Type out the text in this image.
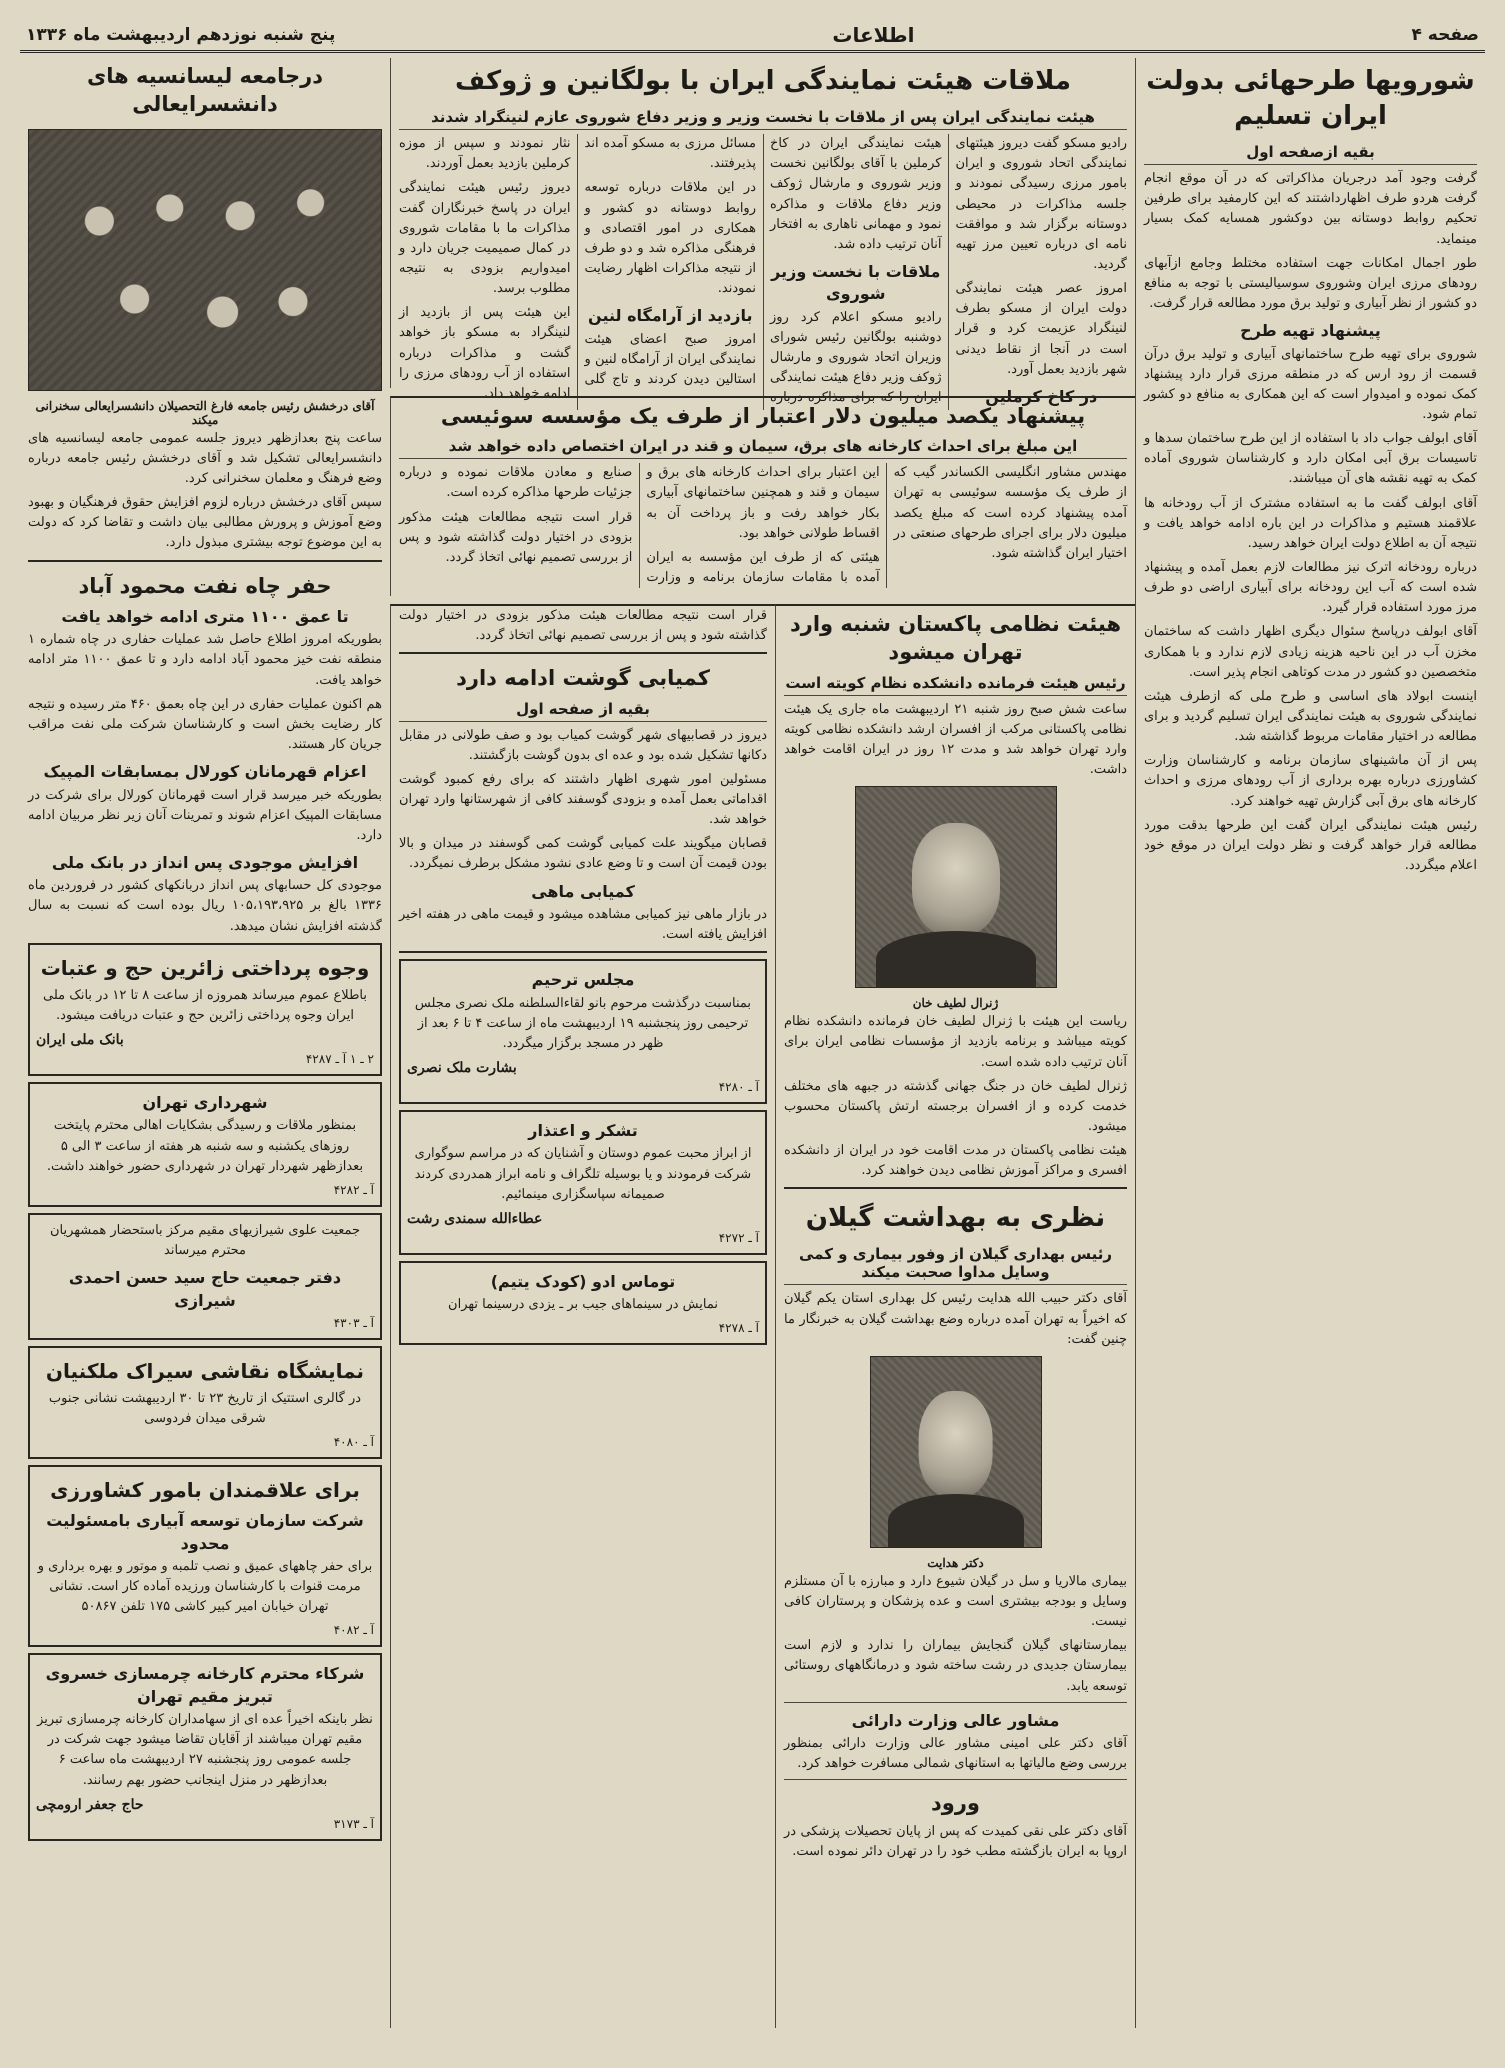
صفحه ۴
اطلاعات
پنج شنبه نوزدهم اردیبهشت ماه ۱۳۳۶
شورویها طرحهائی بدولت ایران تسلیم
بقیه ازصفحه اول

گرفت وجود آمد درجریان مذاکراتی که در آن موقع انجام گرفت هردو طرف اظهارداشتند که این کارمفید برای طرفین تحکیم روابط دوستانه بین دوکشور همسایه کمک بسیار مینماید.

طور اجمال امکانات جهت استفاده مختلط وجامع ازآبهای رودهای مرزی ایران وشوروی سوسیالیستی با توجه به منافع دو کشور از نظر آبیاری و تولید برق مورد مطالعه قرار گرفت.

پیشنهاد تهیه طرح

شوروی برای تهیه طرح ساختمانهای آبیاری و تولید برق درآن قسمت از رود ارس که در منطقه مرزی قرار دارد پیشنهاد کمک نموده و امیدوار است که این همکاری به منافع دو کشور تمام شود.

آقای ابولف جواب داد با استفاده از این طرح ساختمان سدها و تاسیسات برق آبی امکان دارد و کارشناسان شوروی آماده کمک به تهیه نقشه های آن میباشند.

آقای ابولف گفت ما به استفاده مشترک از آب رودخانه ها علاقمند هستیم و مذاکرات در این باره ادامه خواهد یافت و نتیجه آن به اطلاع دولت ایران خواهد رسید.

درباره رودخانه اترک نیز مطالعات لازم بعمل آمده و پیشنهاد شده است که آب این رودخانه برای آبیاری اراضی دو طرف مرز مورد استفاده قرار گیرد.

آقای ابولف درپاسخ سئوال دیگری اظهار داشت که ساختمان مخزن آب در این ناحیه هزینه زیادی لازم ندارد و با همکاری متخصصین دو کشور در مدت کوتاهی انجام پذیر است.

اینست ابولاد های اساسی و طرح ملی که ازطرف هیئت نمایندگی شوروی به هیئت نمایندگی ایران تسلیم گردید و برای مطالعه در اختیار مقامات مربوط گذاشته شد.

پس از آن ماشینهای سازمان برنامه و کارشناسان وزارت کشاورزی درباره بهره برداری از آب رودهای مرزی و احداث کارخانه های برق آبی گزارش تهیه خواهند کرد.

رئیس هیئت نمایندگی ایران گفت این طرحها بدقت مورد مطالعه قرار خواهد گرفت و نظر دولت ایران در موقع خود اعلام میگردد.

ملاقات هیئت نمایندگی ایران با بولگانین و ژوکف
هیئت نمایندگی ایران پس از ملاقات با نخست وزیر و وزیر دفاع شوروی عازم لنینگراد شدند

رادیو مسکو گفت دیروز هیئتهای نمایندگی اتحاد شوروی و ایران بامور مرزی رسیدگی نمودند و جلسه مذاکرات در محیطی دوستانه برگزار شد و موافقت نامه ای درباره تعیین مرز تهیه گردید.

امروز عصر هیئت نمایندگی دولت ایران از مسکو بطرف لنینگراد عزیمت کرد و قرار است در آنجا از نقاط دیدنی شهر بازدید بعمل آورد.

در کاخ کرملین

هیئت نمایندگی ایران در کاخ کرملین با آقای بولگانین نخست وزیر شوروی و مارشال ژوکف وزیر دفاع ملاقات و مذاکره نمود و مهمانی ناهاری به افتخار آنان ترتیب داده شد.

ملاقات با نخست وزیر شوروی

رادیو مسکو اعلام کرد روز دوشنبه بولگانین رئیس شورای وزیران اتحاد شوروی و مارشال ژوکف وزیر دفاع هیئت نمایندگی ایران را که برای مذاکره درباره مسائل مرزی به مسکو آمده اند پذیرفتند.

در این ملاقات درباره توسعه روابط دوستانه دو کشور و همکاری در امور اقتصادی و فرهنگی مذاکره شد و دو طرف از نتیجه مذاکرات اظهار رضایت نمودند.

بازدید از آرامگاه لنین

امروز صبح اعضای هیئت نمایندگی ایران از آرامگاه لنین و استالین دیدن کردند و تاج گلی نثار نمودند و سپس از موزه کرملین بازدید بعمل آوردند.

دیروز رئیس هیئت نمایندگی ایران در پاسخ خبرنگاران گفت مذاکرات ما با مقامات شوروی در کمال صمیمیت جریان دارد و امیدواریم بزودی به نتیجه مطلوب برسد.

این هیئت پس از بازدید از لنینگراد به مسکو باز خواهد گشت و مذاکرات درباره استفاده از آب رودهای مرزی را ادامه خواهد داد.

پیشنهاد یکصد میلیون دلار اعتبار از طرف یک مؤسسه سوئیسی
این مبلغ برای احداث کارخانه های برق، سیمان و قند در ایران اختصاص داده خواهد شد

مهندس مشاور انگلیسی الکساندر گیب که از طرف یک مؤسسه سوئیسی به تهران آمده پیشنهاد کرده است که مبلغ یکصد میلیون دلار برای اجرای طرحهای صنعتی در اختیار ایران گذاشته شود.

این اعتبار برای احداث کارخانه های برق و سیمان و قند و همچنین ساختمانهای آبیاری بکار خواهد رفت و باز پرداخت آن به اقساط طولانی خواهد بود.

هیئتی که از طرف این مؤسسه به ایران آمده با مقامات سازمان برنامه و وزارت صنایع و معادن ملاقات نموده و درباره جزئیات طرحها مذاکره کرده است.

قرار است نتیجه مطالعات هیئت مذکور بزودی در اختیار دولت گذاشته شود و پس از بررسی تصمیم نهائی اتخاذ گردد.

هیئت نظامی پاکستان شنبه وارد تهران میشود
رئیس هیئت فرمانده دانشکده نظام کویته است

ساعت شش صبح روز شنبه ۲۱ اردیبهشت ماه جاری یک هیئت نظامی پاکستانی مرکب از افسران ارشد دانشکده نظامی کویته وارد تهران خواهد شد و مدت ۱۲ روز در ایران اقامت خواهد داشت.

ژنرال لطیف خان

ریاست این هیئت با ژنرال لطیف خان فرمانده دانشکده نظام کویته میباشد و برنامه بازدید از مؤسسات نظامی ایران برای آنان ترتیب داده شده است.

ژنرال لطیف خان در جنگ جهانی گذشته در جبهه های مختلف خدمت کرده و از افسران برجسته ارتش پاکستان محسوب میشود.

هیئت نظامی پاکستان در مدت اقامت خود در ایران از دانشکده افسری و مراکز آموزش نظامی دیدن خواهند کرد.

نظری به بهداشت گیلان
رئیس بهداری گیلان از وفور بیماری و کمی وسایل مداوا صحبت میکند

آقای دکتر حبیب الله هدایت رئیس کل بهداری استان یکم گیلان که اخیراً به تهران آمده درباره وضع بهداشت گیلان به خبرنگار ما چنین گفت:

دکتر هدایت

بیماری مالاریا و سل در گیلان شیوع دارد و مبارزه با آن مستلزم وسایل و بودجه بیشتری است و عده پزشکان و پرستاران کافی نیست.

بیمارستانهای گیلان گنجایش بیماران را ندارد و لازم است بیمارستان جدیدی در رشت ساخته شود و درمانگاههای روستائی توسعه یابد.

مشاور عالی وزارت دارائی

آقای دکتر علی امینی مشاور عالی وزارت دارائی بمنظور بررسی وضع مالیاتها به استانهای شمالی مسافرت خواهد کرد.

ورود

آقای دکتر علی نقی کمیدت که پس از پایان تحصیلات پزشکی در اروپا به ایران بازگشته مطب خود را در تهران دائر نموده است.

قرار است نتیجه مطالعات هیئت مذکور بزودی در اختیار دولت گذاشته شود و پس از بررسی تصمیم نهائی اتخاذ گردد.

کمیابی گوشت ادامه دارد
بقیه از صفحه اول

دیروز در قصابیهای شهر گوشت کمیاب بود و صف طولانی در مقابل دکانها تشکیل شده بود و عده ای بدون گوشت بازگشتند.

مسئولین امور شهری اظهار داشتند که برای رفع کمبود گوشت اقداماتی بعمل آمده و بزودی گوسفند کافی از شهرستانها وارد تهران خواهد شد.

قصابان میگویند علت کمیابی گوشت کمی گوسفند در میدان و بالا بودن قیمت آن است و تا وضع عادی نشود مشکل برطرف نمیگردد.

کمیابی ماهی

در بازار ماهی نیز کمیابی مشاهده میشود و قیمت ماهی در هفته اخیر افزایش یافته است.

مجلس ترحیم

بمناسبت درگذشت مرحوم بانو لقاءالسلطنه ملک نصری مجلس ترحیمی روز پنجشنبه ۱۹ اردیبهشت ماه از ساعت ۴ تا ۶ بعد از ظهر در مسجد برگزار میگردد.

بشارت ملک نصری
آ ـ ۴۲۸۰
تشکر و اعتذار

از ابراز محبت عموم دوستان و آشنایان که در مراسم سوگواری شرکت فرمودند و یا بوسیله تلگراف و نامه ابراز همدردی کردند صمیمانه سپاسگزاری مینمائیم.

عطاءالله سمندی رشت
آ ـ ۴۲۷۲
توماس ادو (کودک یتیم)

نمایش در سینماهای جیب بر ـ یزدی درسینما تهران

آ ـ ۴۲۷۸
درجامعه لیسانسیه های دانشسرایعالی
آقای درخشش رئیس جامعه فارغ التحصیلان دانشسرایعالی سخنرانی میکند

ساعت پنج بعدازظهر دیروز جلسه عمومی جامعه لیسانسیه های دانشسرایعالی تشکیل شد و آقای درخشش رئیس جامعه درباره وضع فرهنگ و معلمان سخنرانی کرد.

سپس آقای درخشش درباره لزوم افزایش حقوق فرهنگیان و بهبود وضع آموزش و پرورش مطالبی بیان داشت و تقاضا کرد که دولت به این موضوع توجه بیشتری مبذول دارد.

حفر چاه نفت محمود آباد
تا عمق ۱۱۰۰ متری ادامه خواهد یافت

بطوریکه امروز اطلاع حاصل شد عملیات حفاری در چاه شماره ۱ منطقه نفت خیز محمود آباد ادامه دارد و تا عمق ۱۱۰۰ متر ادامه خواهد یافت.

هم اکنون عملیات حفاری در این چاه بعمق ۴۶۰ متر رسیده و نتیجه کار رضایت بخش است و کارشناسان شرکت ملی نفت مراقب جریان کار هستند.

اعزام قهرمانان کورلال بمسابقات المپیک

بطوریکه خبر میرسد قرار است قهرمانان کورلال برای شرکت در مسابقات المپیک اعزام شوند و تمرینات آنان زیر نظر مربیان ادامه دارد.

افزایش موجودی پس انداز در بانک ملی

موجودی کل حسابهای پس انداز دربانکهای کشور در فروردین ماه ۱۳۳۶ بالغ بر ۱۰۵،۱۹۳،۹۲۵ ریال بوده است که نسبت به سال گذشته افزایش نشان میدهد.

وجوه پرداختی زائرین حج و عتبات

باطلاع عموم میرساند همروزه از ساعت ۸ تا ۱۲ در بانک ملی ایران وجوه پرداختی زائرین حج و عتبات دریافت میشود.

بانک ملی ایران
۲ ـ ۱ آ ـ ۴۲۸۷
شهرداری تهران

بمنظور ملاقات و رسیدگی بشکایات اهالی محترم پایتخت روزهای یکشنبه و سه شنبه هر هفته از ساعت ۳ الی ۵ بعدازظهر شهردار تهران در شهرداری حضور خواهند داشت.

آ ـ ۴۲۸۲

جمعیت علوی شیرازیهای مقیم مرکز باستحضار همشهریان محترم میرساند

دفتر جمعیت حاج سید حسن احمدی شیرازی
آ ـ ۴۳۰۳
نمایشگاه نقاشی سیراک ملکنیان

در گالری استتیک از تاریخ ۲۳ تا ۳۰ اردیبهشت نشانی جنوب شرقی میدان فردوسی

آ ـ ۴۰۸۰
برای علاقمندان بامور کشاورزی
شرکت سازمان توسعه آبیاری بامسئولیت محدود

برای حفر چاههای عمیق و نصب تلمبه و موتور و بهره برداری و مرمت قنوات با کارشناسان ورزیده آماده کار است. نشانی تهران خیابان امیر کبیر کاشی ۱۷۵ تلفن ۵۰۸۶۷

آ ـ ۴۰۸۲
شرکاء محترم کارخانه چرمسازی خسروی تبریز مقیم تهران

نظر باینکه اخیراً عده ای از سهامداران کارخانه چرمسازی تبریز مقیم تهران میباشند از آقایان تقاضا میشود جهت شرکت در جلسه عمومی روز پنجشنبه ۲۷ اردیبهشت ماه ساعت ۶ بعدازظهر در منزل اینجانب حضور بهم رسانند.

حاج جعفر ارومچی
آ ـ ۳۱۷۳
